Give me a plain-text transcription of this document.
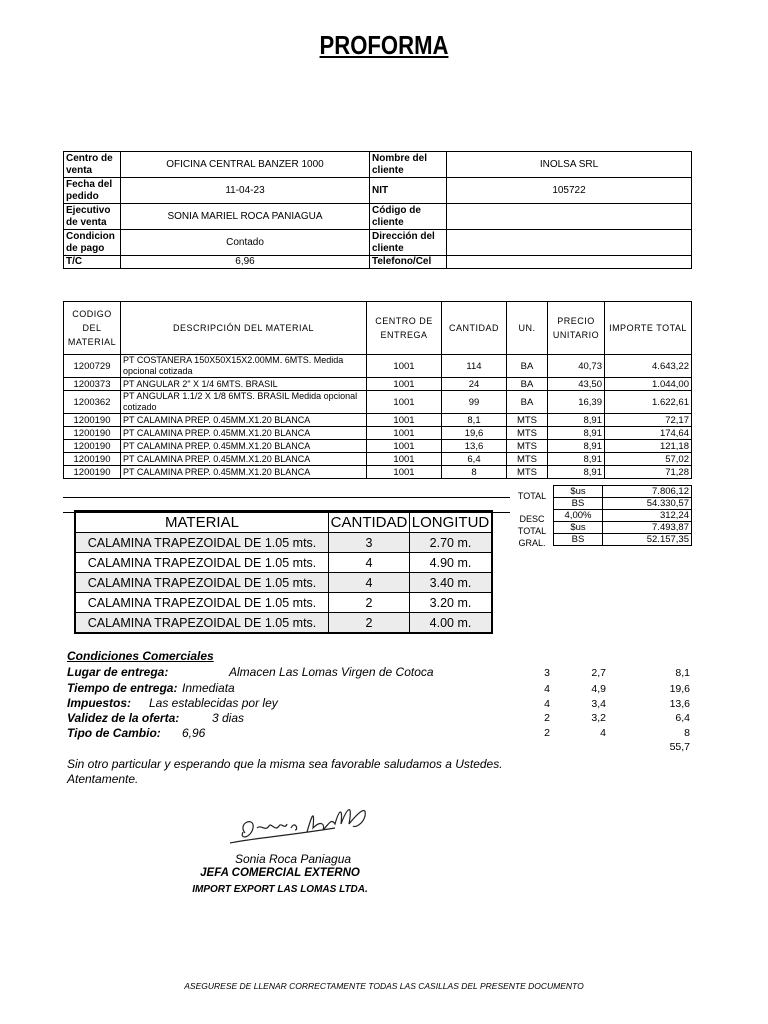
PROFORMA
Centro de venta	OFICINA CENTRAL BANZER 1000	Nombre del cliente	INOLSA SRL
Fecha del pedido	11-04-23	NIT	105722
Ejecutivo de venta	SONIA MARIEL ROCA PANIAGUA	Código de cliente	
Condicion de pago	Contado	Dirección del cliente	
T/C	6,96	Telefono/Cel	
CODIGO DEL MATERIAL	DESCRIPCIÓN DEL MATERIAL	CENTRO DE ENTREGA	CANTIDAD	UN.	PRECIO UNITARIO	IMPORTE TOTAL
1200729	PT COSTANERA 150X50X15X2.00MM. 6MTS. Medida opcional cotizada	1001	114	BA	40,73	4.643,22
1200373	PT ANGULAR 2" X 1/4 6MTS. BRASIL	1001	24	BA	43,50	1.044,00
1200362	PT ANGULAR 1.1/2 X 1/8 6MTS. BRASIL Medida opcional cotizado	1001	99	BA	16,39	1.622,61
1200190	PT CALAMINA PREP. 0.45MM.X1.20 BLANCA	1001	8,1	MTS	8,91	72,17
1200190	PT CALAMINA PREP. 0.45MM.X1.20 BLANCA	1001	19,6	MTS	8,91	174,64
1200190	PT CALAMINA PREP. 0.45MM.X1.20 BLANCA	1001	13,6	MTS	8,91	121,18
1200190	PT CALAMINA PREP. 0.45MM.X1.20 BLANCA	1001	6,4	MTS	8,91	57,02
1200190	PT CALAMINA PREP. 0.45MM.X1.20 BLANCA	1001	8	MTS	8,91	71,28
TOTAL
DESC
TOTAL
GRAL.
$us	7.806,12
BS	54.330,57
4,00%	312,24
$us	7.493,87
BS	52.157,35
MATERIAL	CANTIDAD	LONGITUD
CALAMINA TRAPEZOIDAL DE 1.05 mts.	3	2.70 m.
CALAMINA TRAPEZOIDAL DE 1.05 mts.	4	4.90 m.
CALAMINA TRAPEZOIDAL DE 1.05 mts.	4	3.40 m.
CALAMINA TRAPEZOIDAL DE 1.05 mts.	2	3.20 m.
CALAMINA TRAPEZOIDAL DE 1.05 mts.	2	4.00 m.
Condiciones Comerciales
Lugar de entrega:	Almacen Las Lomas Virgen de Cotoca
Tiempo de entrega: Inmediata
Impuestos: Las establecidas por ley
Validez de la oferta:	3 dias
Tipo de Cambio: 6,96
3	2,7	8,1
4	4,9	19,6
4	3,4	13,6
2	3,2	6,4
2	4	8
55,7
Sin otro particular y esperando que la misma sea favorable saludamos a Ustedes.
Atentamente.
Sonia Roca Paniagua
JEFA COMERCIAL EXTERNO
IMPORT EXPORT LAS LOMAS LTDA.
ASEGURESE DE LLENAR CORRECTAMENTE TODAS LAS CASILLAS DEL PRESENTE DOCUMENTO
